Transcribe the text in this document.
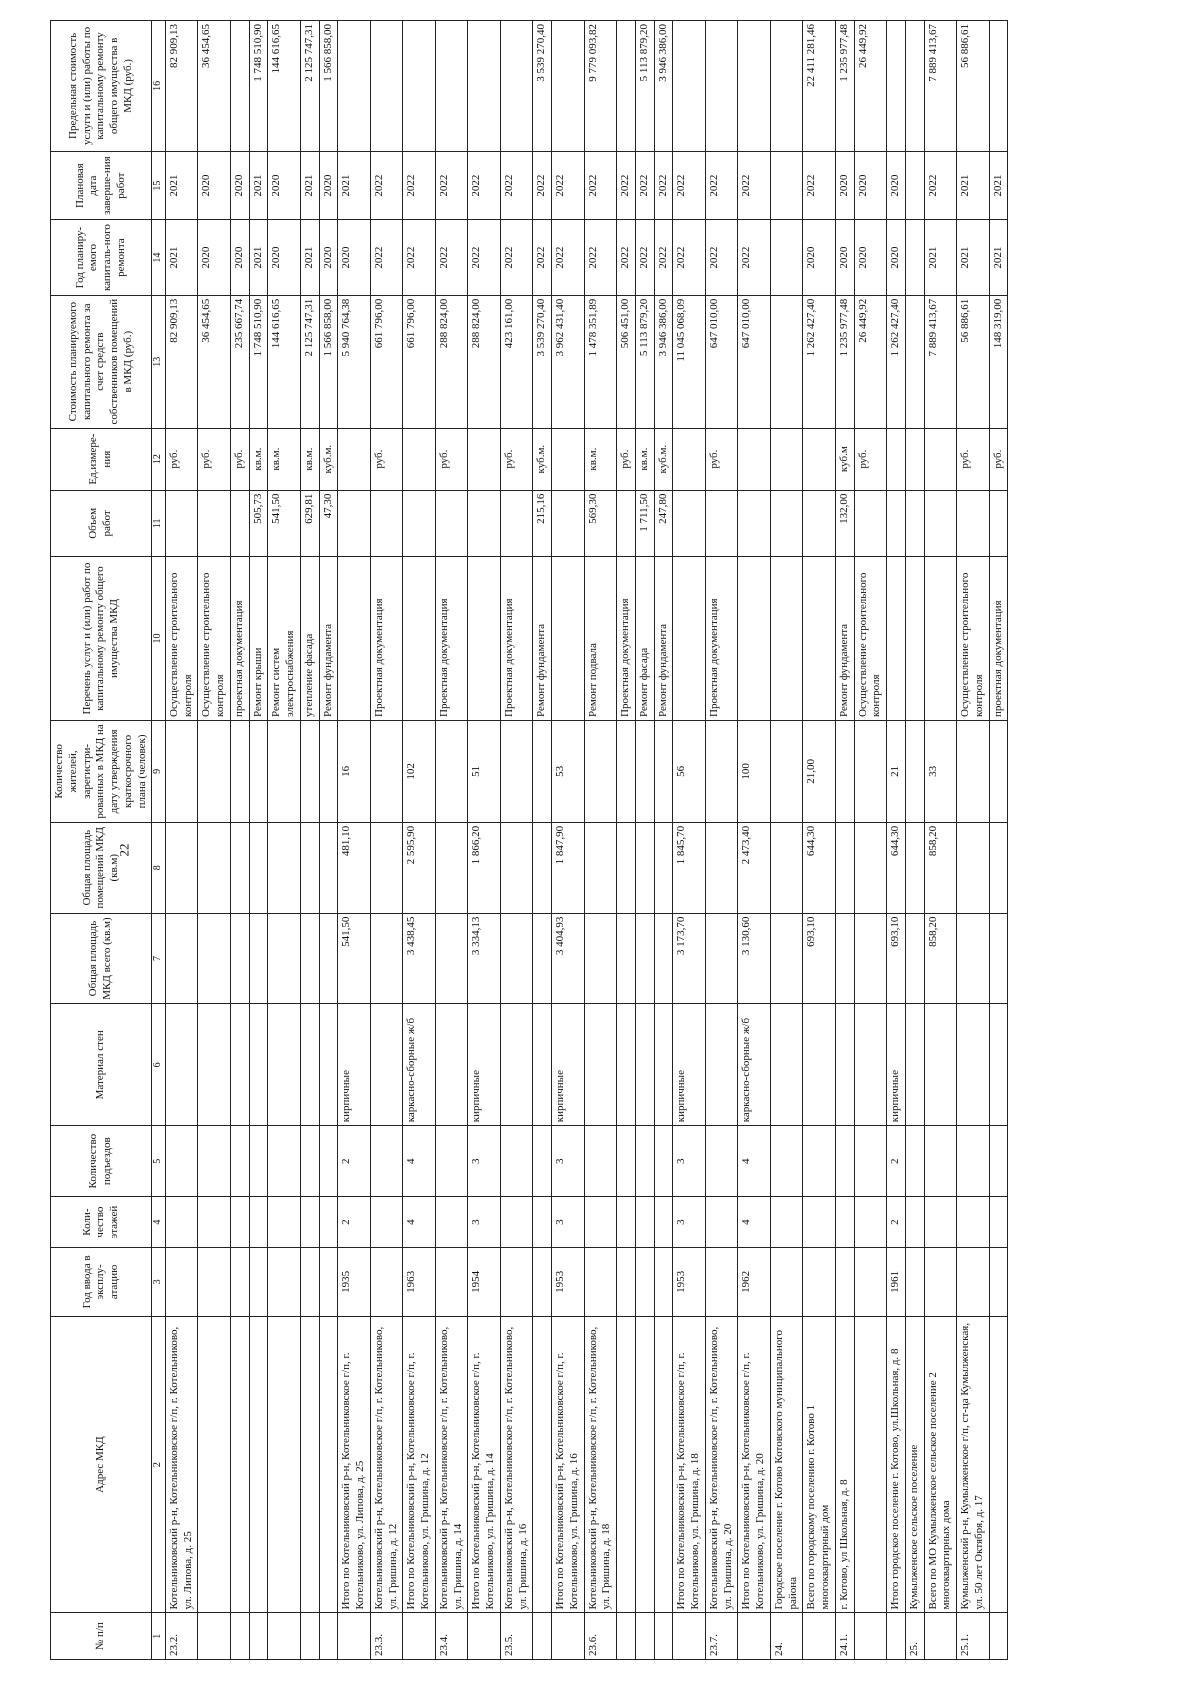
22
№ п/п	Адрес МКД	Год ввода в эксплу-атацию	Коли-чество этажей	Количество подъездов	Материал стен	Общая площадь МКД всего (кв.м)	Общая площадь помещений МКД (кв.м)	Количество жителей, зарегистри-рованных в МКД на дату утверждения краткосрочного плана (человек)	Перечень услуг и (или) работ по капитальному ремонту общего имущества МКД	Объем работ	Ед.измере-ния	Стоимость планируемого капитального ремонта за счет средств собственников помещений в МКД (руб.)	Год планиру-емого капиталь-ного ремонта	Плановая дата заверше-ния работ	Предельная стоимость услуги и (или) работы по капитальному ремонту общего имущества в МКД (руб.)
1	2	3	4	5	6	7	8	9	10	11	12	13	14	15	16
23.2.	Котельниковский р-н, Котельниковское г/п, г. Котельниково, ул. Липова, д. 25								Осуществление строительного контроля		руб.	82 909,13	2021	2021	82 909,13
									Осуществление строительного контроля		руб.	36 454,65	2020	2020	36 454,65
									проектная документация		руб.	235 667,74	2020	2020	
									Ремонт крыши	505,73	кв.м.	1 748 510,90	2021	2021	1 748 510,90
									Ремонт систем электроснабжения	541,50	кв.м.	144 616,65	2020	2020	144 616,65
									утепление фасада	629,81	кв.м.	2 125 747,31	2021	2021	2 125 747,31
									Ремонт фундамента	47,30	куб.м.	1 566 858,00	2020	2020	1 566 858,00
	Итого по Котельниковский р-н, Котельниковское г/п, г. Котельниково, ул. Липова, д. 25	1935	2	2	кирпичные	541,50	481,10	16				5 940 764,38	2020	2021	
23.3.	Котельниковский р-н, Котельниковское г/п, г. Котельниково, ул. Гришина, д. 12								Проектная документация		руб.	661 796,00	2022	2022	
	Итого по Котельниковский р-н, Котельниковское г/п, г. Котельниково, ул. Гришина, д. 12	1963	4	4	каркасно-сборные ж/б	3 438,45	2 595,90	102				661 796,00	2022	2022	
23.4.	Котельниковский р-н, Котельниковское г/п, г. Котельниково, ул. Гришина, д. 14								Проектная документация		руб.	288 824,00	2022	2022	
	Итого по Котельниковский р-н, Котельниковское г/п, г. Котельниково, ул. Гришина, д. 14	1954	3	3	кирпичные	3 334,13	1 866,20	51				288 824,00	2022	2022	
23.5.	Котельниковский р-н, Котельниковское г/п, г. Котельниково, ул. Гришина, д. 16								Проектная документация		руб.	423 161,00	2022	2022	
									Ремонт фундамента	215,16	куб.м.	3 539 270,40	2022	2022	3 539 270,40
	Итого по Котельниковский р-н, Котельниковское г/п, г. Котельниково, ул. Гришина, д. 16	1953	3	3	кирпичные	3 404,93	1 847,90	53				3 962 431,40	2022	2022	
23.6.	Котельниковский р-н, Котельниковское г/п, г. Котельниково, ул. Гришина, д. 18								Ремонт подвала	569,30	кв.м.	1 478 351,89	2022	2022	9 779 093,82
									Проектная документация		руб.	506 451,00	2022	2022	
									Ремонт фасада	1 711,50	кв.м.	5 113 879,20	2022	2022	5 113 879,20
									Ремонт фундамента	247,80	куб.м.	3 946 386,00	2022	2022	3 946 386,00
	Итого по Котельниковский р-н, Котельниковское г/п, г. Котельниково, ул. Гришина, д. 18	1953	3	3	кирпичные	3 173,70	1 845,70	56				11 045 068,09	2022	2022	
23.7.	Котельниковский р-н, Котельниковское г/п, г. Котельниково, ул. Гришина, д. 20								Проектная документация		руб.	647 010,00	2022	2022	
	Итого по Котельниковский р-н, Котельниковское г/п, г. Котельниково, ул. Гришина, д. 20	1962	4	4	каркасно-сборные ж/б	3 130,60	2 473,40	100				647 010,00	2022	2022	
24.	Городское поселение г. Котово Котовского муниципального района														
	Всего по городскому поселению г. Котово 1 многоквартирный дом					693,10	644,30	21,00				1 262 427,40	2020	2022	22 411 281,46
24.1.	г. Котово, ул Школьная, д. 8								Ремонт фундамента	132,00	куб.м	1 235 977,48	2020	2020	1 235 977,48
									Осуществление строительного контроля		руб.	26 449,92	2020	2020	26 449,92
	Итого городское поселение г. Котово, ул.Школьная, д. 8	1961	2	2	кирпичные	693,10	644,30	21				1 262 427,40	2020	2020	
25.	Кумылженское сельское поселение														
	Всего по МО Кумылженское сельское поселение 2 многоквартирных дома					858,20	858,20	33				7 889 413,67	2021	2022	7 889 413,67
25.1.	Кумылженский р-н, Кумылженское г/п, ст-ца Кумылженская, ул. 50 лет Октября, д. 17								Осуществление строительного контроля		руб.	56 886,61	2021	2021	56 886,61
									проектная документация		руб.	148 319,00	2021	2021	
